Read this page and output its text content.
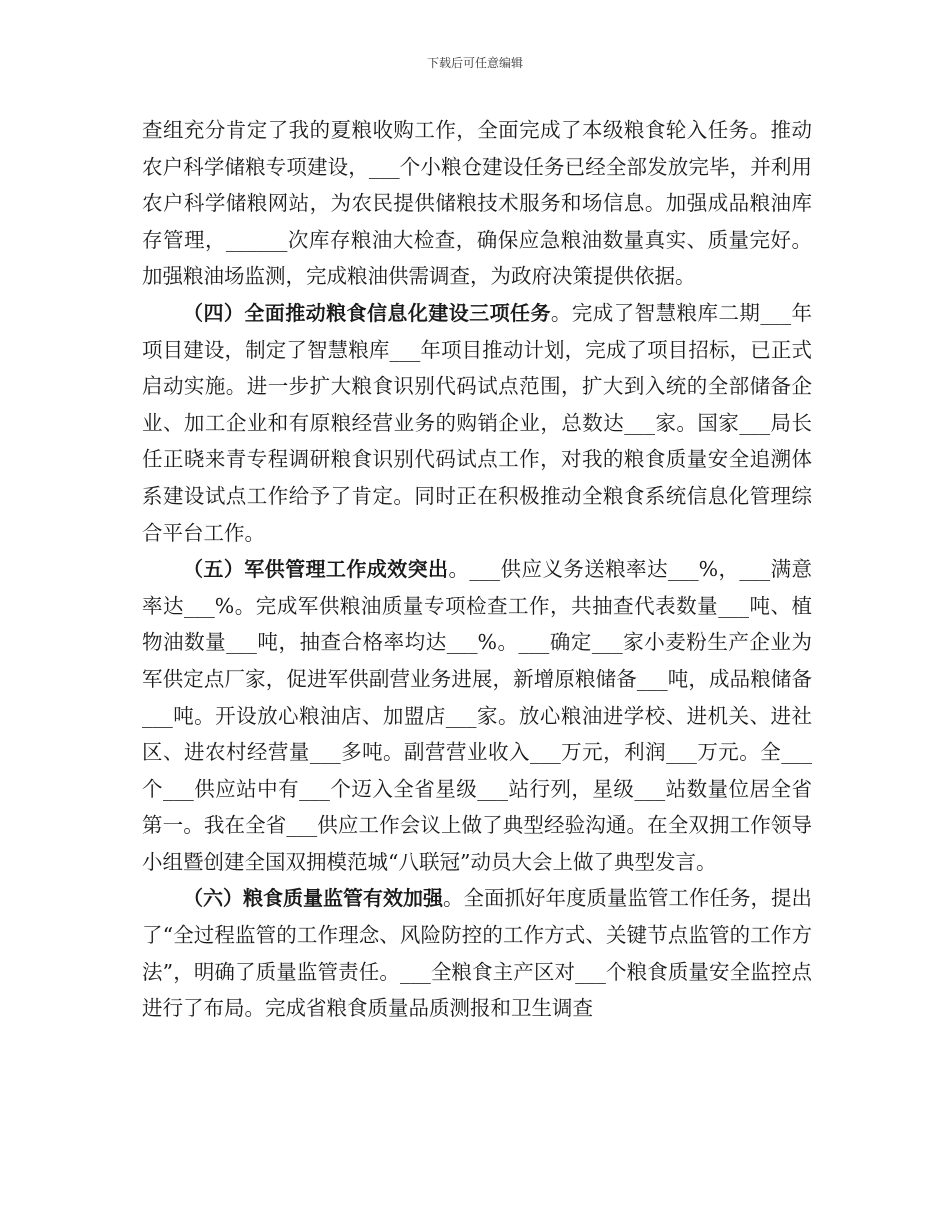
下载后可任意编辑

查组充分肯定了我的夏粮收购工作，全面完成了本级粮食轮入任务。推动农户科学储粮专项建设，___个小粮仓建设任务已经全部发放完毕，并利用农户科学储粮网站，为农民提供储粮技术服务和场信息。加强成品粮油库存管理，______次库存粮油大检查，确保应急粮油数量真实、质量完好。加强粮油场监测，完成粮油供需调查，为政府决策提供依据。

（四）全面推动粮食信息化建设三项任务。完成了智慧粮库二期___年项目建设，制定了智慧粮库___年项目推动计划，完成了项目招标，已正式启动实施。进一步扩大粮食识别代码试点范围，扩大到入统的全部储备企业、加工企业和有原粮经营业务的购销企业，总数达___家。国家___局长任正晓来青专程调研粮食识别代码试点工作，对我的粮食质量安全追溯体系建设试点工作给予了肯定。同时正在积极推动全粮食系统信息化管理综合平台工作。

（五）军供管理工作成效突出。___供应义务送粮率达___%，___满意率达___%。完成军供粮油质量专项检查工作，共抽查代表数量___吨、植物油数量___吨，抽查合格率均达___%。___确定___家小麦粉生产企业为军供定点厂家，促进军供副营业务进展，新增原粮储备___吨，成品粮储备___吨。开设放心粮油店、加盟店___家。放心粮油进学校、进机关、进社区、进农村经营量___多吨。副营营业收入___万元，利润___万元。全___个___供应站中有___个迈入全省星级___站行列，星级___站数量位居全省第一。我在全省___供应工作会议上做了典型经验沟通。在全双拥工作领导小组暨创建全国双拥模范城“八联冠”动员大会上做了典型发言。

（六）粮食质量监管有效加强。全面抓好年度质量监管工作任务，提出了“全过程监管的工作理念、风险防控的工作方式、关键节点监管的工作方法”，明确了质量监管责任。___全粮食主产区对___个粮食质量安全监控点进行了布局。完成省粮食质量品质测报和卫生调查
